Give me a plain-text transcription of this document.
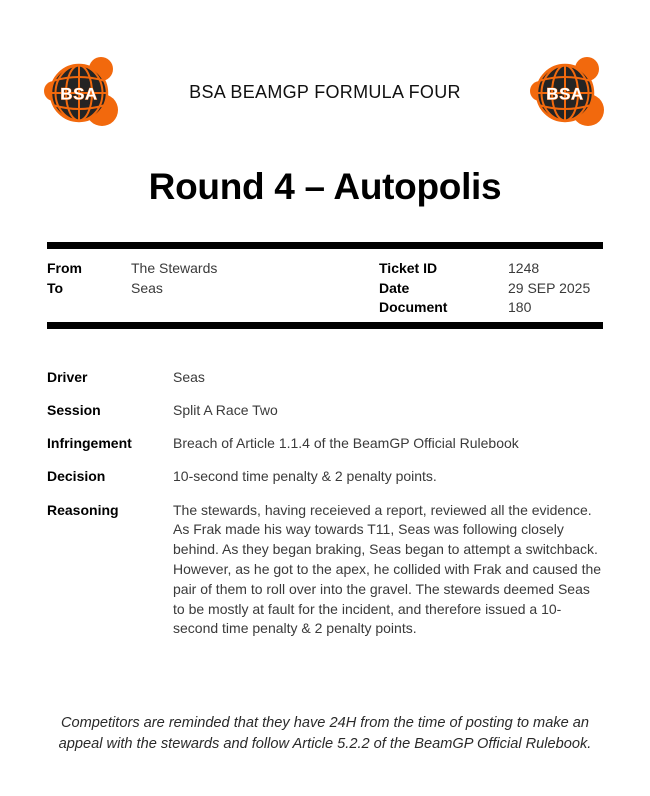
BSA	BSA BEAMGP FORMULA FOUR	BSA
Round 4 – Autopolis
From	The Stewards
To	Seas
Ticket ID	1248
Date	29 SEP 2025
Document	180
Driver	Seas
Session	Split A Race Two
Infringement	Breach of Article 1.1.4 of the BeamGP Official Rulebook
Decision	10-second time penalty & 2 penalty points.
Reasoning	The stewards, having receieved a report, reviewed all the evidence. As Frak made his way towards T11, Seas was following closely behind. As they began braking, Seas began to attempt a switchback. However, as he got to the apex, he collided with Frak and caused the pair of them to roll over into the gravel. The stewards deemed Seas to be mostly at fault for the incident, and therefore issued a 10-second time penalty & 2 penalty points.
Competitors are reminded that they have 24H from the time of posting to make an appeal with the stewards and follow Article 5.2.2 of the BeamGP Official Rulebook.
